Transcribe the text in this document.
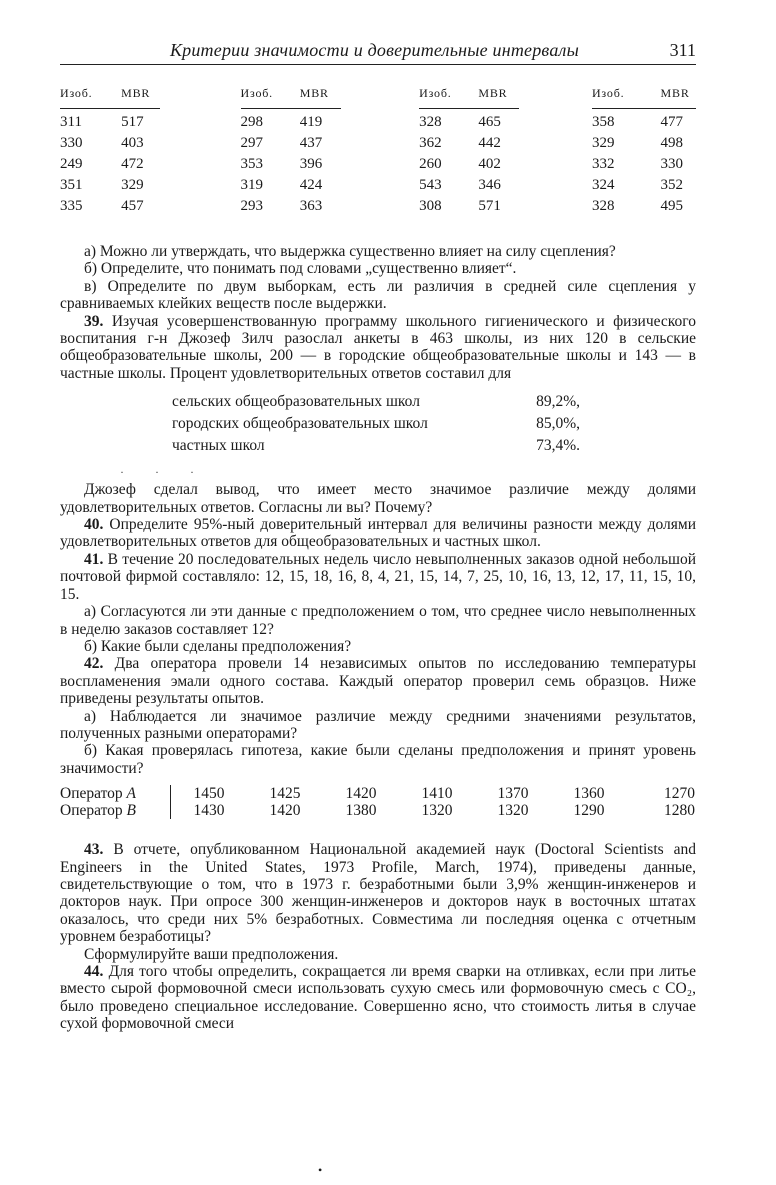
Критерии значимости и доверительные интервалы	311
Изоб.	MBR	Изоб.	MBR	Изоб.	MBR	Изоб.	MBR

311	517	298	419	328	465	358	477
330	403	297	437	362	442	329	498
249	472	353	396	260	402	332	330
351	329	319	424	543	346	324	352
335	457	293	363	308	571	328	495

а) Можно ли утверждать, что выдержка существенно влияет на силу сцепления?

б) Определите, что понимать под словами „существенно влияет“.

в) Определите по двум выборкам, есть ли различия в средней силе сцепления у сравниваемых клейких веществ после выдержки.

39. Изучая усовершенствованную программу школьного гигиенического и физического воспитания г-н Джозеф Зилч разослал анкеты в 463 школы, из них 120 в сельские общеобразовательные школы, 200 — в городские общеобразовательные школы и 143 — в частные школы. Процент удовлетворительных ответов составил для

сельских общеобразовательных школ	89,2%,
городских общеобразовательных школ	85,0%,
частных школ	73,4%.
· · ·

Джозеф сделал вывод, что имеет место значимое различие между долями удовлетворительных ответов. Согласны ли вы? Почему?

40. Определите 95%-ный доверительный интервал для величины разности между долями удовлетворительных ответов для общеобразовательных и частных школ.

41. В течение 20 последовательных недель число невыполненных заказов одной небольшой почтовой фирмой составляло: 12, 15, 18, 16, 8, 4, 21, 15, 14, 7, 25, 10, 16, 13, 12, 17, 11, 15, 10, 15.

а) Согласуются ли эти данные с предположением о том, что среднее число невыполненных в неделю заказов составляет 12?

б) Какие были сделаны предположения?

42. Два оператора провели 14 независимых опытов по исследованию температуры воспламенения эмали одного состава. Каждый оператор проверил семь образцов. Ниже приведены результаты опытов.

а) Наблюдается ли значимое различие между средними значениями результатов, полученных разными операторами?

б) Какая проверялась гипотеза, какие были сделаны предположения и принят уровень значимости?

Оператор A	1450	1425	1420	1410	1370	1360	1270
Оператор B	1430	1420	1380	1320	1320	1290	1280

43. В отчете, опубликованном Национальной академией наук (Doctoral Scientists and Engineers in the United States, 1973 Profile, March, 1974), приведены данные, свидетельствующие о том, что в 1973 г. безработными были 3,9% женщин-инженеров и докторов наук. При опросе 300 женщин-инженеров и докторов наук в восточных штатах оказалось, что среди них 5% безработных. Совместима ли последняя оценка с отчетным уровнем безработицы?

Сформулируйте ваши предположения.

44. Для того чтобы определить, сокращается ли время сварки на отливках, если при литье вместо сырой формовочной смеси использовать сухую смесь или формовочную смесь с CO₂, было проведено специальное исследование. Совершенно ясно, что стоимость литья в случае сухой формовочной смеси

•
